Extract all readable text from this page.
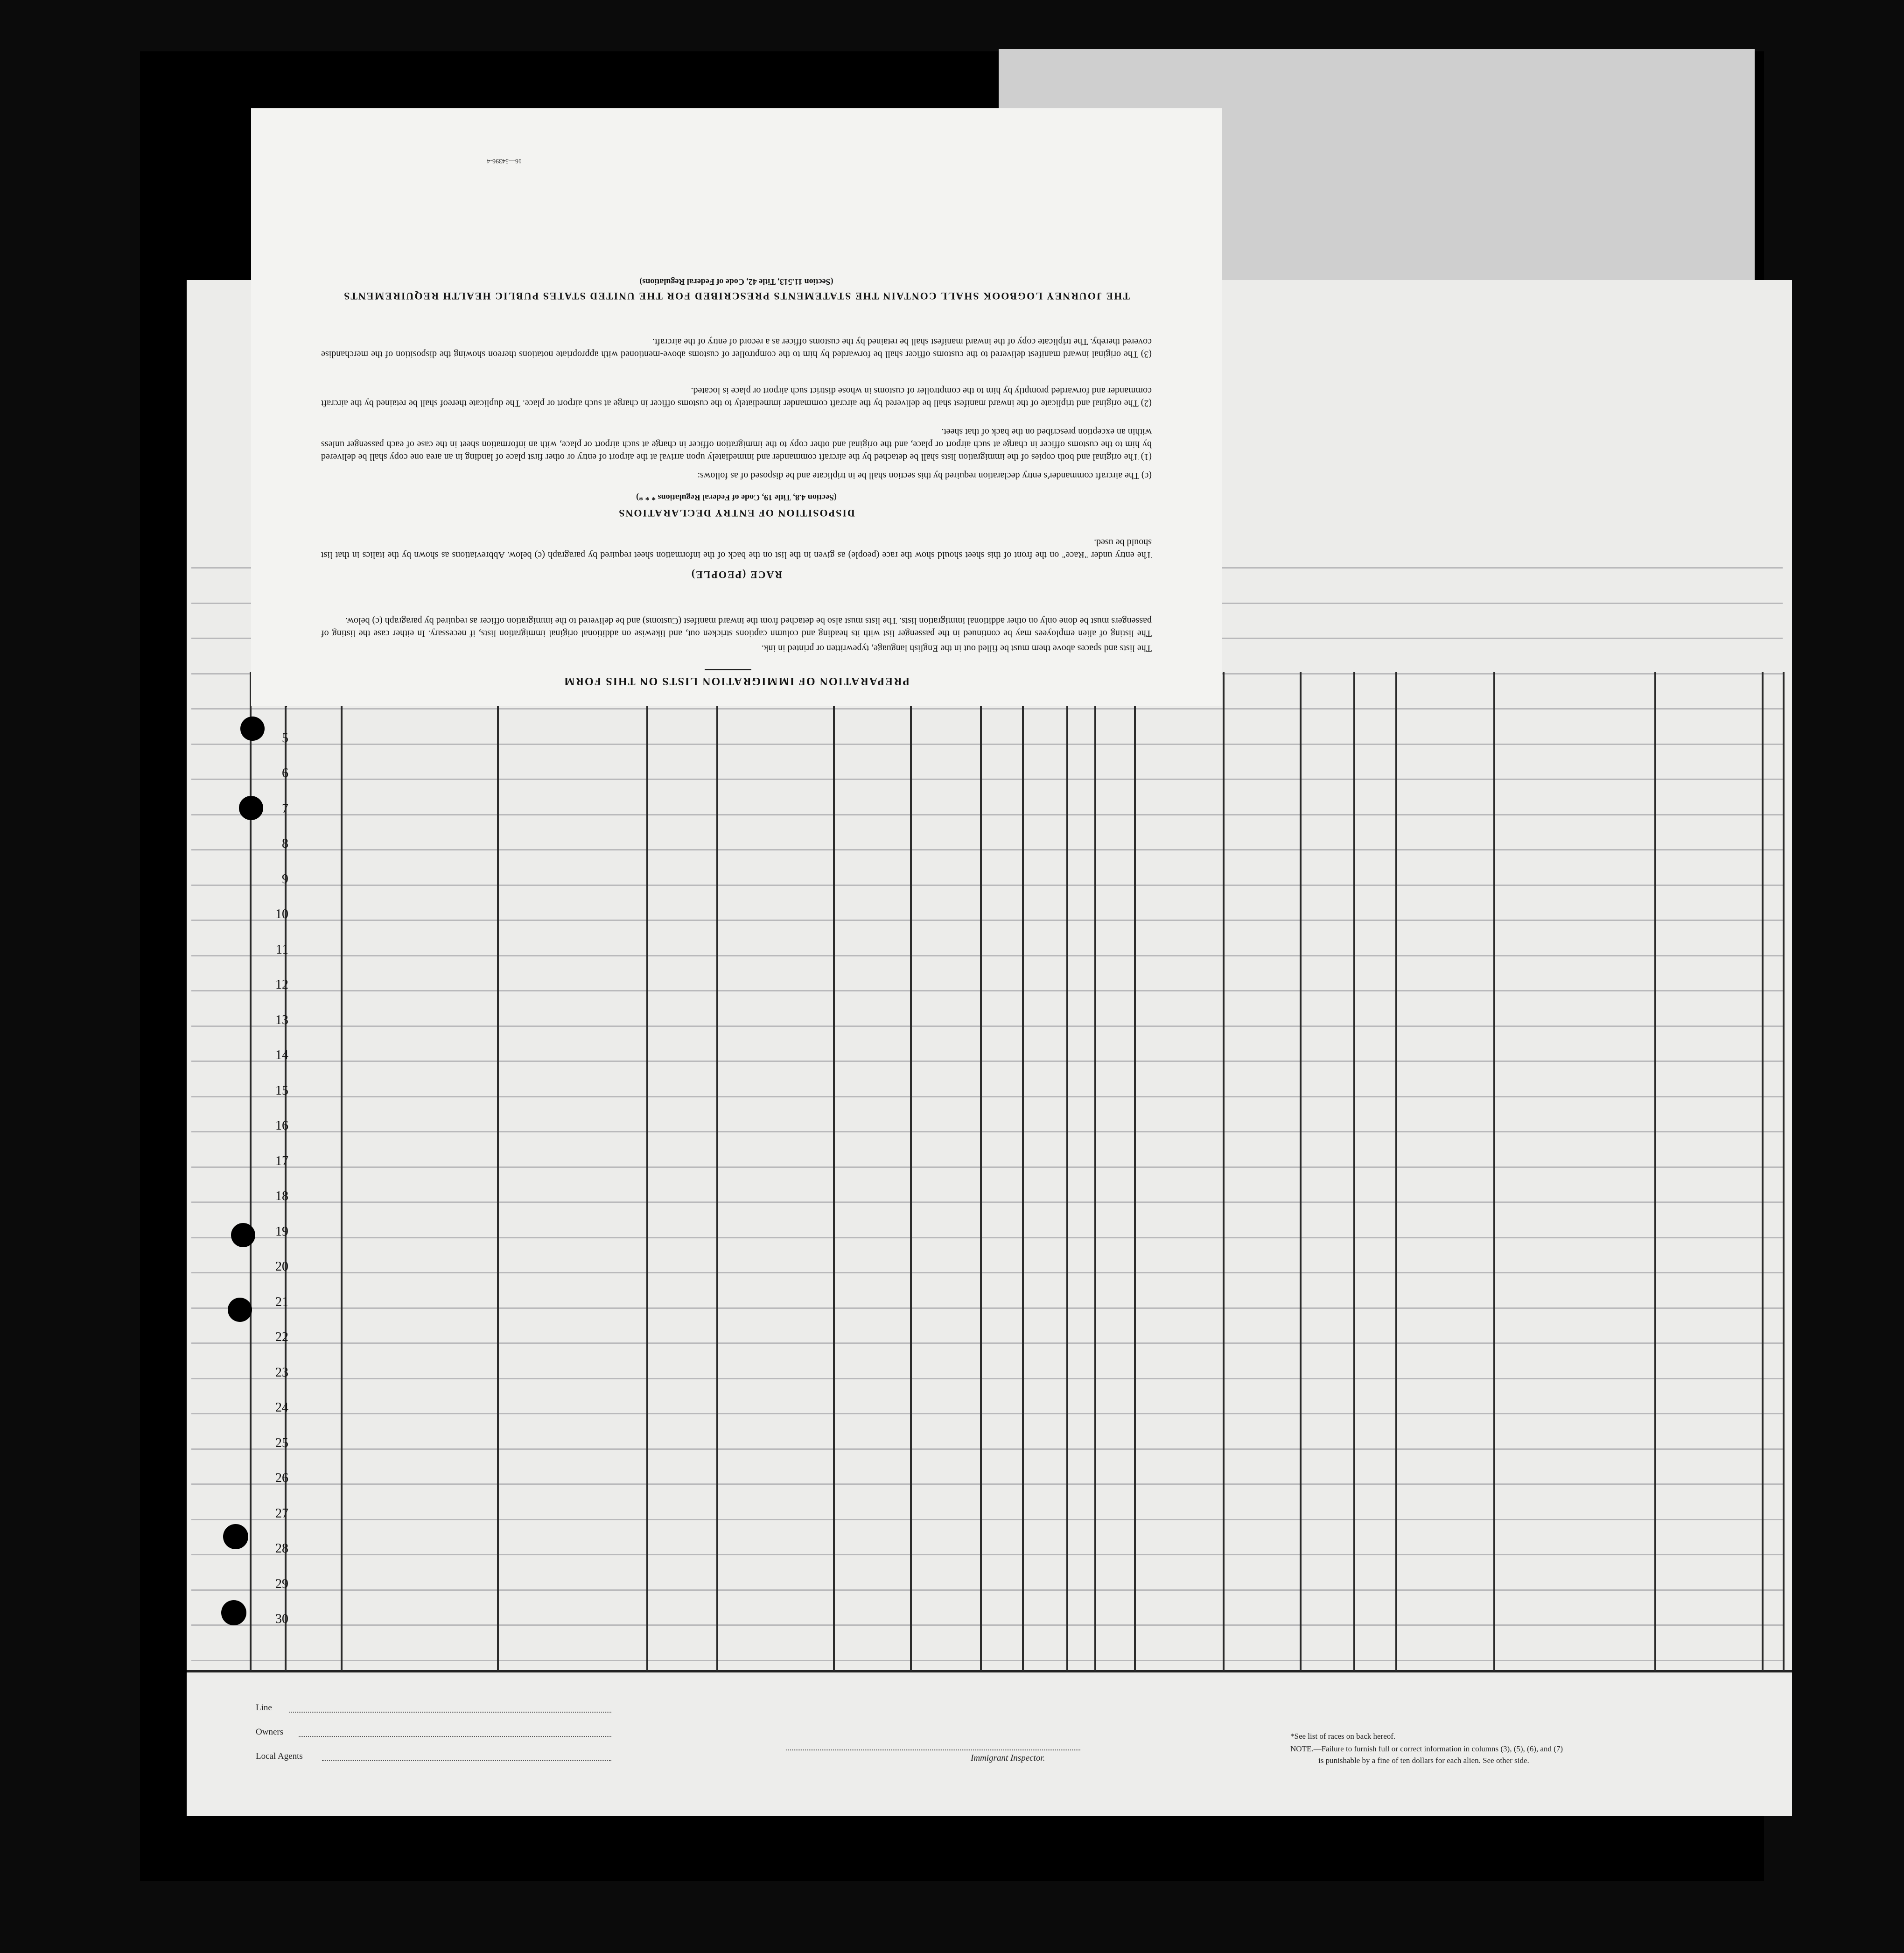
5
6
7
8
9
10
11
12
13
14
15
16
17
18
19
20
21
22
23
24
25
26
27
28
29
30
PREPARATION OF IMMIGRATION LISTS ON THIS FORM
The lists and spaces above them must be filled out in the English language, typewritten or printed in ink.
The listing of alien employees may be continued in the passenger list with its heading and column captions stricken out, and likewise on additional original immigration lists, if necessary. In either case the listing of passengers must be done only on other additional immigration lists. The lists must also be detached from the inward manifest (Customs) and be delivered to the immigration officer as required by paragraph (c) below.
RACE (PEOPLE)
The entry under "Race" on the front of this sheet should show the race (people) as given in the list on the back of the information sheet required by paragraph (c) below. Abbreviations as shown by the italics in that list should be used.
DISPOSITION OF ENTRY DECLARATIONS
(Section 4.8, Title 19, Code of Federal Regulations * * *)
(c) The aircraft commander's entry declaration required by this section shall be in triplicate and be disposed of as follows:
(1) The original and both copies of the immigration lists shall be detached by the aircraft commander and immediately upon arrival at the airport of entry or other first place of landing in an area one copy shall be delivered by him to the customs officer in charge at such airport or place, and the original and other copy to the immigration officer in charge at such airport or place, with an information sheet in the case of each passenger unless within an exception prescribed on the back of that sheet.
(2) The original and triplicate of the inward manifest shall be delivered by the aircraft commander immediately to the customs officer in charge at such airport or place. The duplicate thereof shall be retained by the aircraft commander and forwarded promptly by him to the comptroller of customs in whose district such airport or place is located.
(3) The original inward manifest delivered to the customs officer shall be forwarded by him to the comptroller of customs above-mentioned with appropriate notations thereon showing the disposition of the merchandise covered thereby. The triplicate copy of the inward manifest shall be retained by the customs officer as a record of entry of the aircraft.
THE JOURNEY LOGBOOK SHALL CONTAIN THE STATEMENTS PRESCRIBED FOR THE UNITED STATES PUBLIC HEALTH REQUIREMENTS
(Section 11.513, Title 42, Code of Federal Regulations)
16—54396-4
Line
Owners
Local Agents	Immigrant Inspector.
*See list of races on back hereof.
NOTE.—Failure to furnish full or correct information in columns (3), (5), (6), and (7)
is punishable by a fine of ten dollars for each alien. See other side.
